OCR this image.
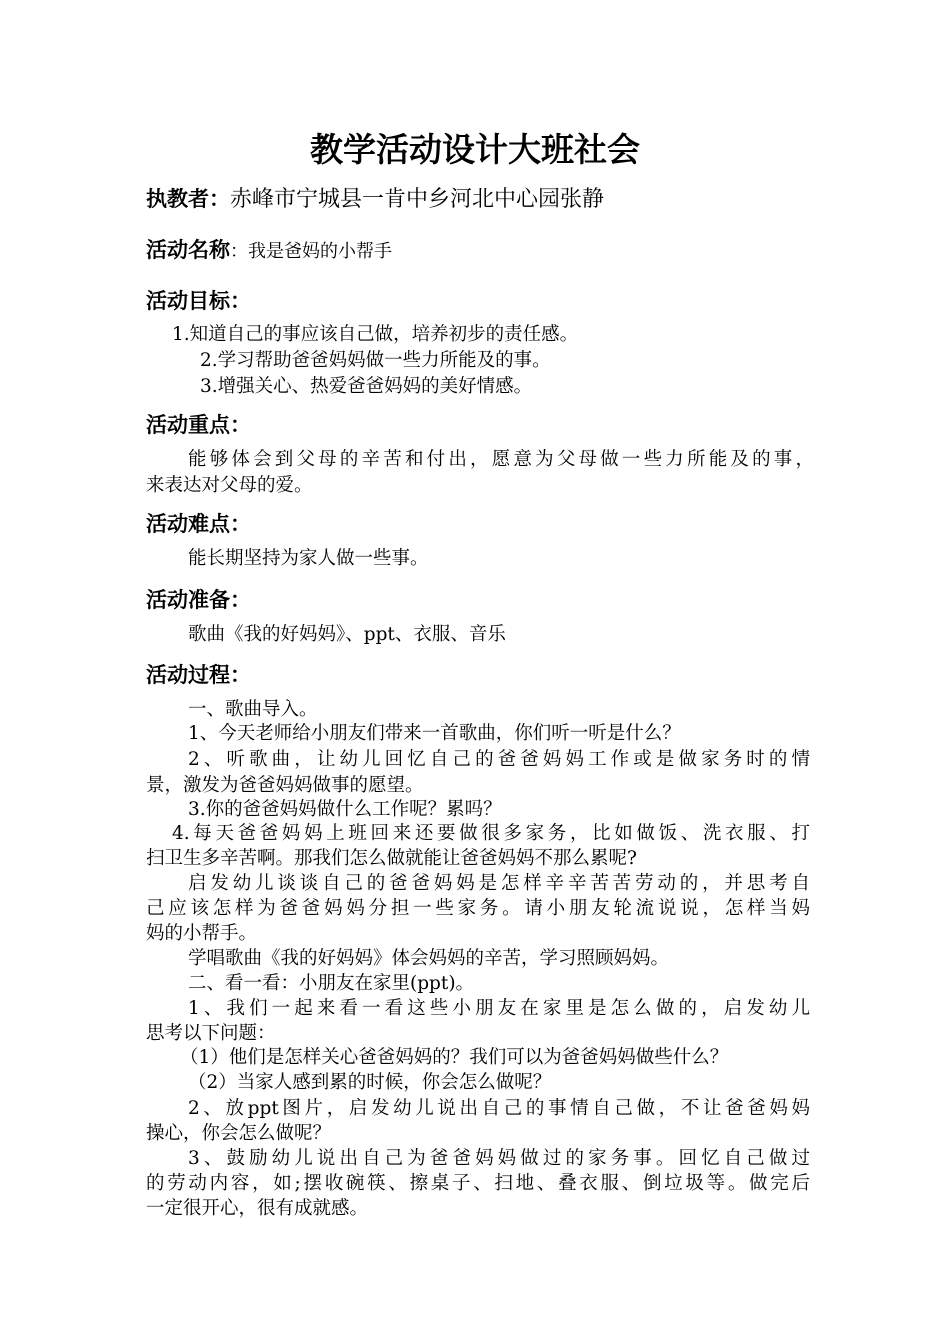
教学活动设计大班社会
执教者：赤峰市宁城县一肯中乡河北中心园张静
活动名称：我是爸妈的小帮手
活动目标：
1.知道自己的事应该自己做，培养初步的责任感。
2.学习帮助爸爸妈妈做一些力所能及的事。
3.增强关心、热爱爸爸妈妈的美好情感。
活动重点：
能够体会到父母的辛苦和付出，愿意为父母做一些力所能及的事，
来表达对父母的爱。
活动难点：
能长期坚持为家人做一些事。
活动准备：
歌曲《我的好妈妈》、ppt、衣服、音乐
活动过程：
一、歌曲导入。
1、今天老师给小朋友们带来一首歌曲，你们听一听是什么？
2、听歌曲，让幼儿回忆自己的爸爸妈妈工作或是做家务时的情
景，激发为爸爸妈妈做事的愿望。
3.你的爸爸妈妈做什么工作呢？累吗？
4.每天爸爸妈妈上班回来还要做很多家务，比如做饭、洗衣服、打
扫卫生多辛苦啊。那我们怎么做就能让爸爸妈妈不那么累呢?
启发幼儿谈谈自己的爸爸妈妈是怎样辛辛苦苦劳动的，并思考自
己应该怎样为爸爸妈妈分担一些家务。请小朋友轮流说说，怎样当妈
妈的小帮手。
学唱歌曲《我的好妈妈》体会妈妈的辛苦，学习照顾妈妈。
二、看一看：小朋友在家里(ppt)。
1、我们一起来看一看这些小朋友在家里是怎么做的，启发幼儿
思考以下问题：
（1）他们是怎样关心爸爸妈妈的？我们可以为爸爸妈妈做些什么？
（2）当家人感到累的时候，你会怎么做呢？
2、放ppt图片，启发幼儿说出自己的事情自己做，不让爸爸妈妈
操心，你会怎么做呢？
3、鼓励幼儿说出自己为爸爸妈妈做过的家务事。回忆自己做过
的劳动内容，如;摆收碗筷、擦桌子、扫地、叠衣服、倒垃圾等。做完后
一定很开心，很有成就感。
